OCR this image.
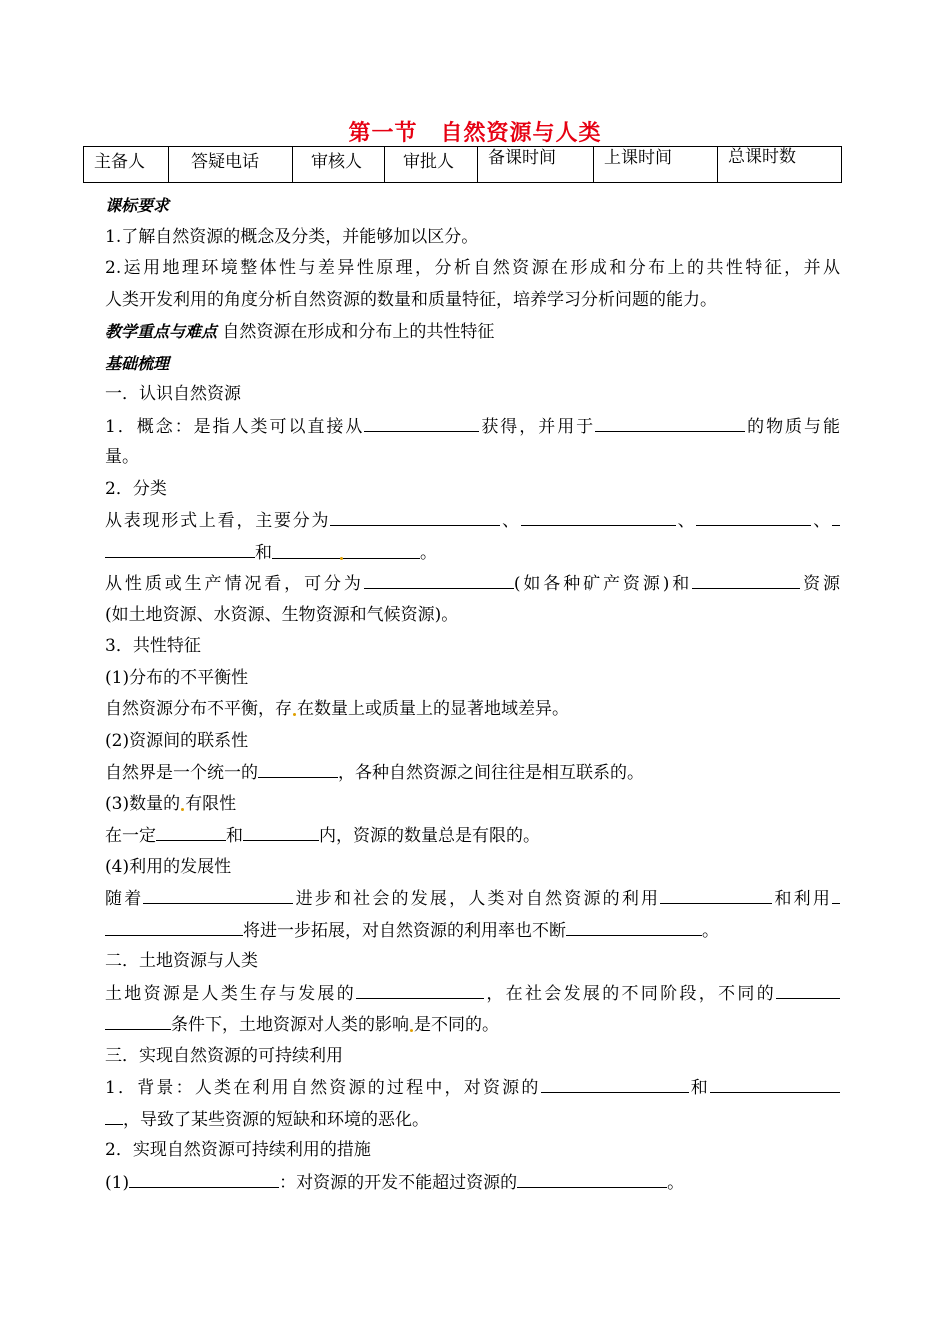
第一节　自然资源与人类
主备人	答疑电话	审核人	审批人	备课时间	上课时间	总课时数
课标要求
1.了解自然资源的概念及分类，并能够加以区分。
2.运用地理环境整体性与差异性原理，分析自然资源在形成和分布上的共性特征，并从
人类开发利用的角度分析自然资源的数量和质量特征，培养学习分析问题的能力。
教学重点与难点 自然资源在形成和分布上的共性特征
基础梳理
一．认识自然资源
1．概念：是指人类可以直接从	获得，并用于	的物质与能
量。
2．分类
从表现形式上看，主要分为	、	、	、
和	。
从性质或生产情况看，可分为	(如各种矿产资源)和	资源
(如土地资源、水资源、生物资源和气候资源)。
3．共性特征
(1)分布的不平衡性
自然资源分布不平衡，存 在数量上或质量上的显著地域差异。
(2)资源间的联系性
自然界是一个统一的	，各种自然资源之间往往是相互联系的。
(3)数量的 有限性
在一定	和	内，资源的数量总是有限的。
(4)利用的发展性
随着	进步和社会的发展，人类对自然资源的利用	和利用
将进一步拓展，对自然资源的利用率也不断	。
二．土地资源与人类
土地资源是人类生存与发展的	，在社会发展的不同阶段，不同的
条件下，土地资源对人类的影响 是不同的。
三．实现自然资源的可持续利用
1．背景：人类在利用自然资源的过程中，对资源的	和
，导致了某些资源的短缺和环境的恶化。
2．实现自然资源可持续利用的措施
(1)	：对资源的开发不能超过资源的	。
